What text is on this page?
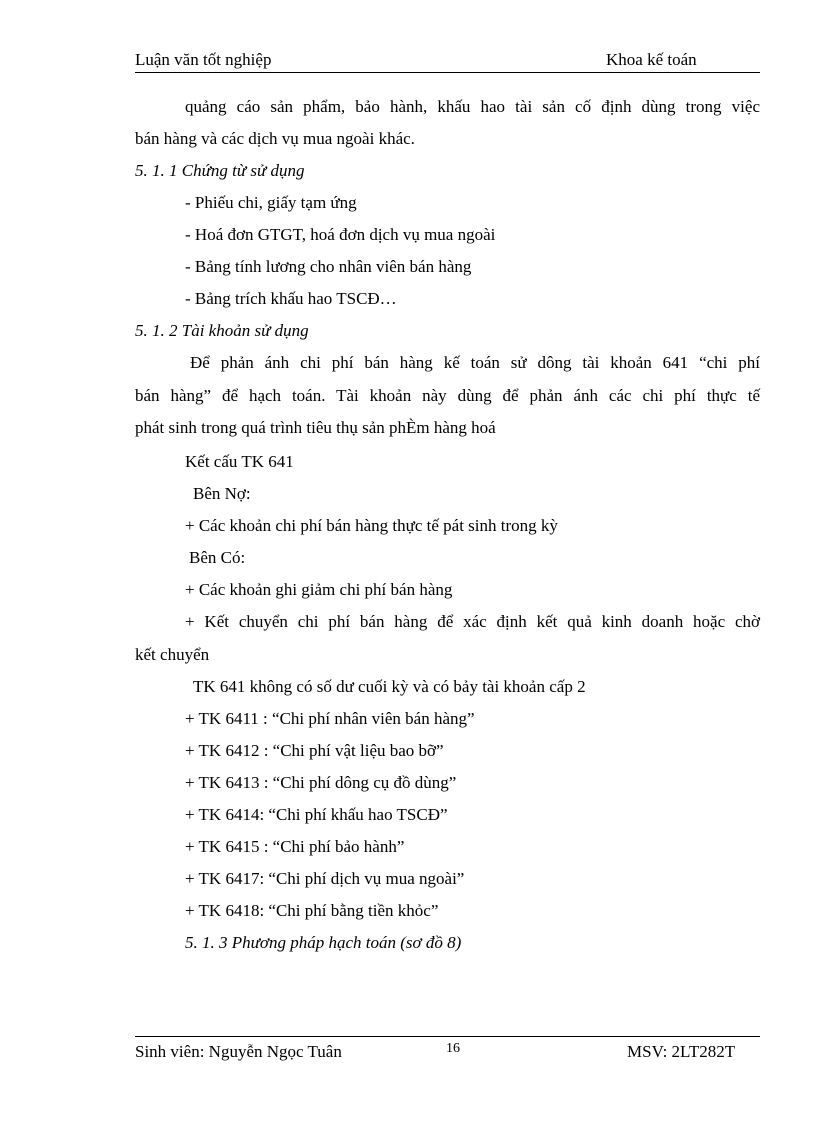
Luận văn tốt nghiệp	Khoa kế toán
quảng cáo sản phẩm, bảo hành, khấu hao tài sản cố định dùng trong việc
bán hàng và các dịch vụ mua ngoài khác.
5. 1. 1 Chứng từ sử dụng
- Phiếu chi, giấy tạm ứng
- Hoá đơn GTGT, hoá đơn dịch vụ mua ngoài
- Bảng tính lương cho nhân viên bán hàng
- Bảng trích khấu hao TSCĐ…
5. 1. 2 Tài khoản sử dụng
Để phản ánh chi phí bán hàng kế toán sử dông tài khoản 641 “chi phí
bán hàng” để hạch toán. Tài khoản này dùng để phản ánh các chi phí thực tế
phát sinh trong quá trình tiêu thụ sản phÈm hàng hoá
Kết cấu TK 641
Bên Nợ:
+ Các khoản chi phí bán hàng thực tế pát sinh trong kỳ
Bên Có:
+ Các khoản ghi giảm chi phí bán hàng
+ Kết chuyển chi phí bán hàng để xác định kết quả kinh doanh hoặc chờ
kết chuyển
TK 641 không có số dư cuối kỳ và có bảy tài khoản cấp 2
+ TK 6411 : “Chi phí nhân viên bán hàng”
+ TK 6412 : “Chi phí vật liệu bao bỡ”
+ TK 6413 : “Chi phí dông cụ đồ dùng”
+ TK 6414: “Chi phí khấu hao TSCĐ”
+ TK 6415 : “Chi phí bảo hành”
+ TK 6417: “Chi phí dịch vụ mua ngoài”
+ TK 6418: “Chi phí bằng tiền khỏc”
5. 1. 3 Phương pháp hạch toán (sơ đồ 8)
Sinh viên: Nguyễn Ngọc Tuân	16	MSV: 2LT282T
